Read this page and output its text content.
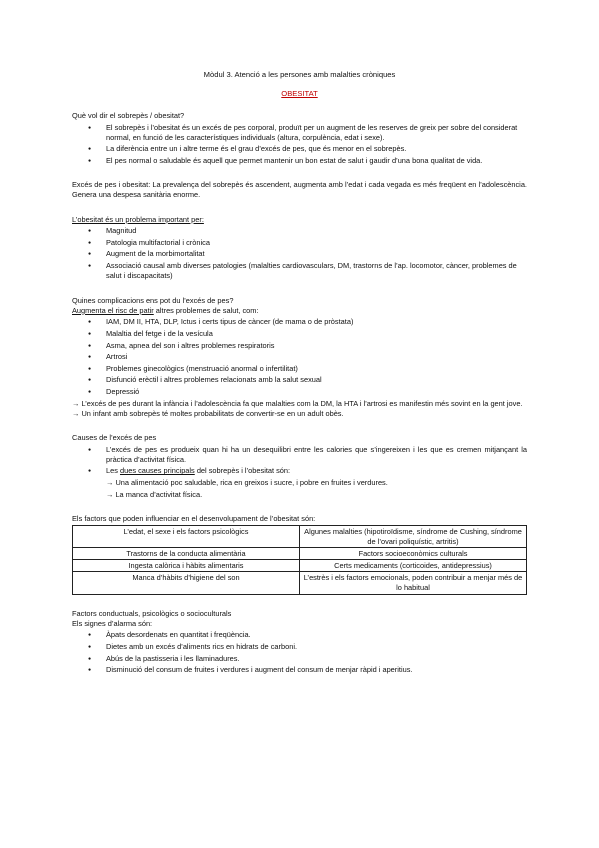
Mòdul 3. Atenció a les persones amb malalties cròniques

OBESITAT

Què vol dir el sobrepès / obesitat?

● El sobrepès i l’obesitat és un excés de pes corporal, produït per un augment de les reserves de greix per sobre del considerat normal, en funció de les característiques individuals (altura, corpulència, edat i sexe).
● La diferència entre un i altre terme és el grau d’excés de pes, que és menor en el sobrepès.
● El pes normal o saludable és aquell que permet mantenir un bon estat de salut i gaudir d’una bona qualitat de vida.

Excés de pes i obesitat: La prevalença del sobrepès és ascendent, augmenta amb l’edat i cada vegada es més freqüent en l’adolescència. Genera una despesa sanitària enorme.

L’obesitat és un problema important per:

● Magnitud
● Patologia multifactorial i crònica
● Augment de la morbimortalitat
● Associació causal amb diverses patologies (malalties cardiovasculars, DM, trastorns de l’ap. locomotor, càncer, problemes de salut i discapacitats)

Quines complicacions ens pot du l’excés de pes?

Augmenta el risc de patir altres problemes de salut, com:

● IAM, DM II, HTA, DLP, Ictus i certs tipus de càncer (de mama o de pròstata)
● Malaltia del fetge i de la vesícula
● Asma, apnea del son i altres problemes respiratoris
● Artrosi
● Problemes ginecològics (menstruació anormal o infertilitat)
● Disfunció erèctil i altres problemes relacionats amb la salut sexual
● Depressió

→ L’excés de pes durant la infància i l’adolescència fa que malalties com la DM, la HTA i l’artrosi es manifestin més sovint en la gent jove.

→ Un infant amb sobrepès té moltes probabilitats de convertir-se en un adult obès.

Causes de l’excés de pes

● L’excés de pes es produeix quan hi ha un desequilibri entre les calories que s’ingereixen i les que es cremen mitjançant la pràctica d’activitat física.
● Les dues causes principals del sobrepès i l’obesitat són:
→ Una alimentació poc saludable, rica en greixos i sucre, i pobre en fruites i verdures.
→ La manca d’activitat física.

Els factors que poden influenciar en el desenvolupament de l’obesitat són:

L’edat, el sexe i els factors psicològics	Algunes malalties (hipotiroïdisme, síndrome de Cushing, síndrome de l’ovari poliquístic, artritis)
Trastorns de la conducta alimentària	Factors socioeconòmics culturals
Ingesta calòrica i hàbits alimentaris	Certs medicaments (corticoides, antidepressius)
Manca d’hàbits d’higiene del son	L’estrès i els factors emocionals, poden contribuir a menjar més de lo habitual

Factors conductuals, psicològics o socioculturals

Els signes d’alarma són:

● Àpats desordenats en quantitat i freqüència.
● Dietes amb un excés d’aliments rics en hidrats de carboni.
● Abús de la pastisseria i les llaminadures.
● Disminució del consum de fruites i verdures i augment del consum de menjar ràpid i aperitius.
